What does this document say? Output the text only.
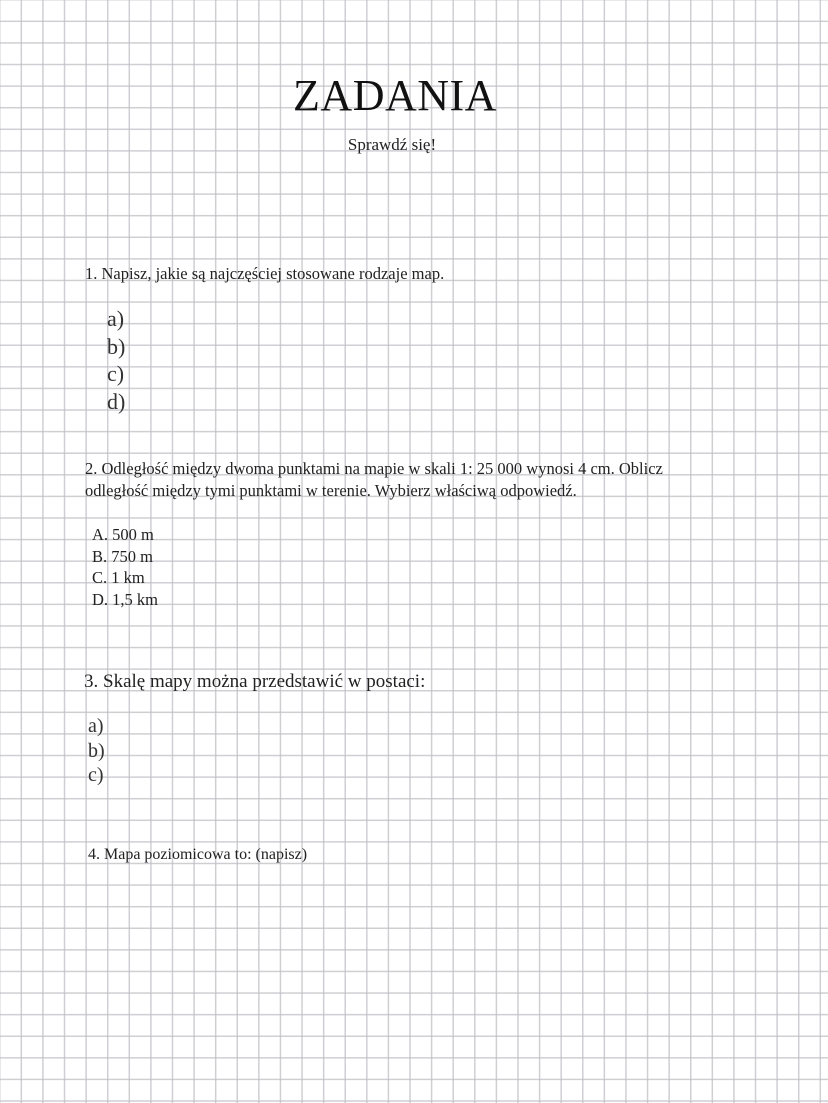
ZADANIA
Sprawdź się!
1. Napisz, jakie są najczęściej stosowane rodzaje map.
a)
b)
c)
d)
2. Odległość między dwoma punktami na mapie w skali 1: 25 000 wynosi 4 cm. Oblicz
odległość między tymi punktami w terenie. Wybierz właściwą odpowiedź.
A. 500 m
B. 750 m
C. 1 km
D. 1,5 km
3. Skalę mapy można przedstawić w postaci:
a)
b)
c)
4. Mapa poziomicowa to: (napisz)
